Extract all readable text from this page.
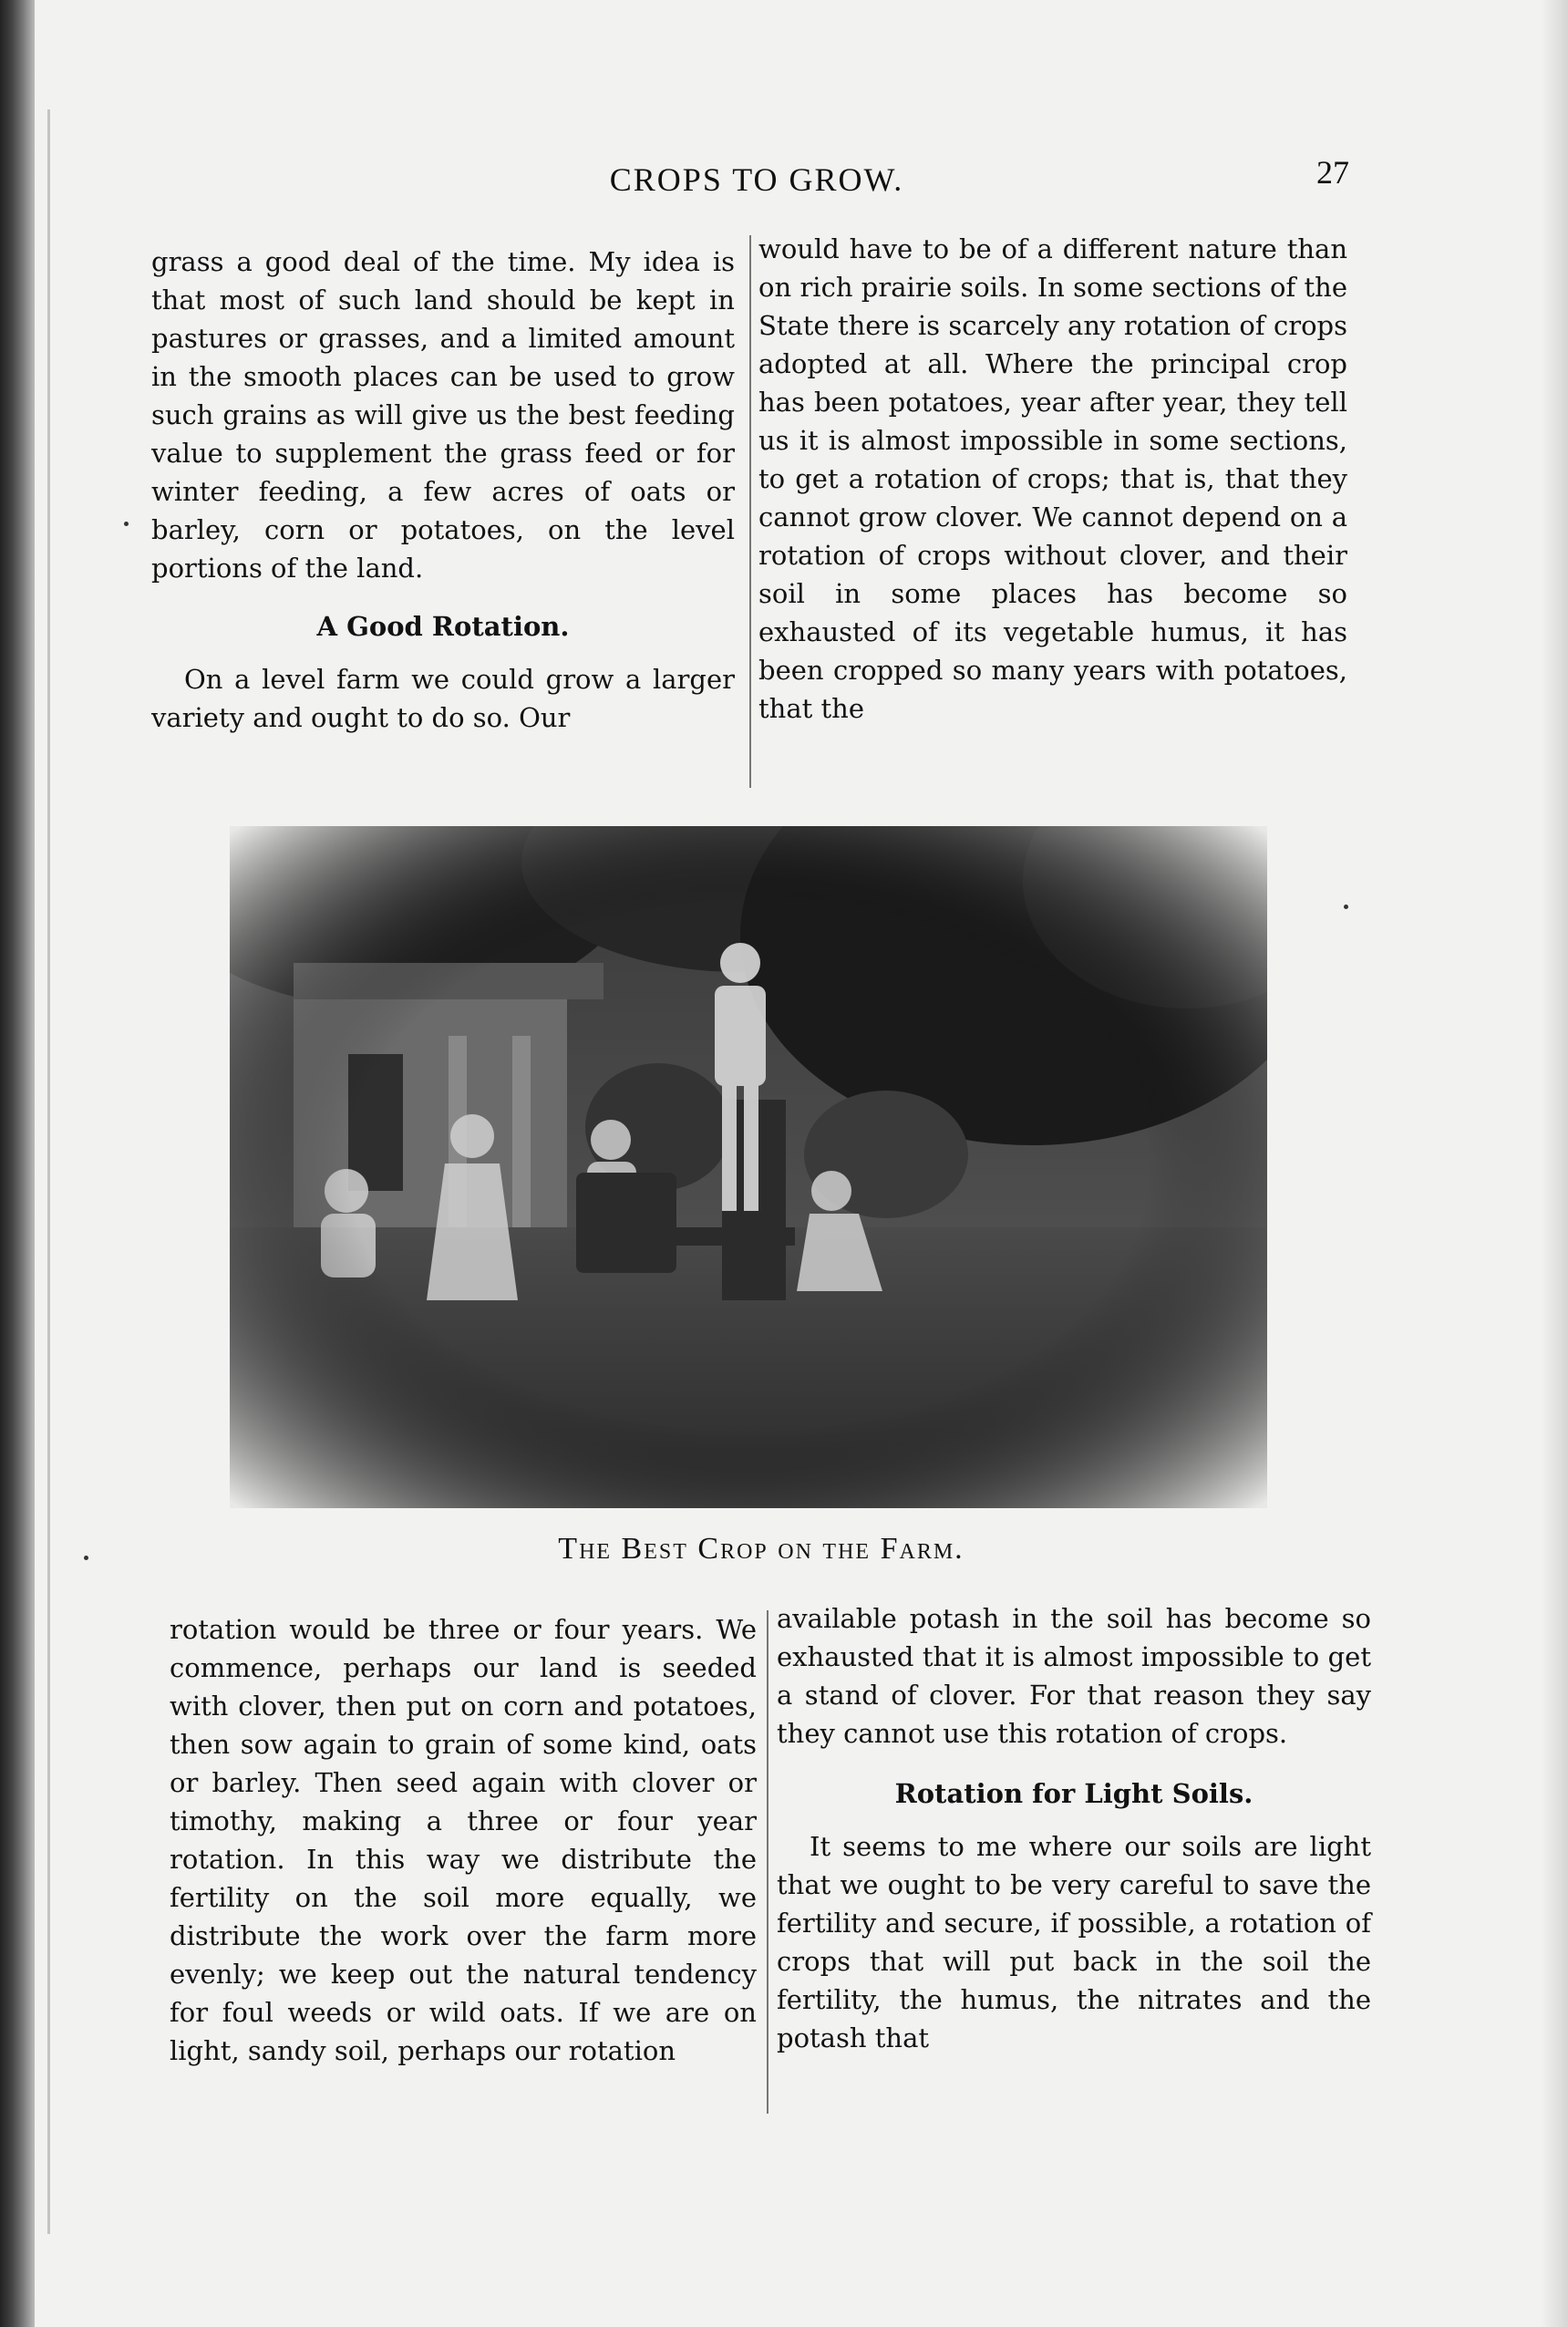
CROPS TO GROW.	27

grass a good deal of the time. My idea is that most of such land should be kept in pastures or grasses, and a limited amount in the smooth places can be used to grow such grains as will give us the best feeding value to supplement the grass feed or for winter feeding, a few acres of oats or barley, corn or potatoes, on the level portions of the land.

A Good Rotation.

On a level farm we could grow a larger variety and ought to do so. Our

would have to be of a different nature than on rich prairie soils. In some sections of the State there is scarcely any rotation of crops adopted at all. Where the principal crop has been potatoes, year after year, they tell us it is almost impossible in some sections, to get a rotation of crops; that is, that they cannot grow clover. We cannot depend on a rotation of crops without clover, and their soil in some places has become so exhausted of its vegetable humus, it has been cropped so many years with potatoes, that the

The Best Crop on the Farm.

rotation would be three or four years. We commence, perhaps our land is seeded with clover, then put on corn and potatoes, then sow again to grain of some kind, oats or barley. Then seed again with clover or timothy, making a three or four year rotation. In this way we distribute the fertility on the soil more equally, we distribute the work over the farm more evenly; we keep out the natural tendency for foul weeds or wild oats. If we are on light, sandy soil, perhaps our rotation

available potash in the soil has become so exhausted that it is almost impossible to get a stand of clover. For that reason they say they cannot use this rotation of crops.

Rotation for Light Soils.

It seems to me where our soils are light that we ought to be very careful to save the fertility and secure, if possible, a rotation of crops that will put back in the soil the fertility, the humus, the nitrates and the potash that
